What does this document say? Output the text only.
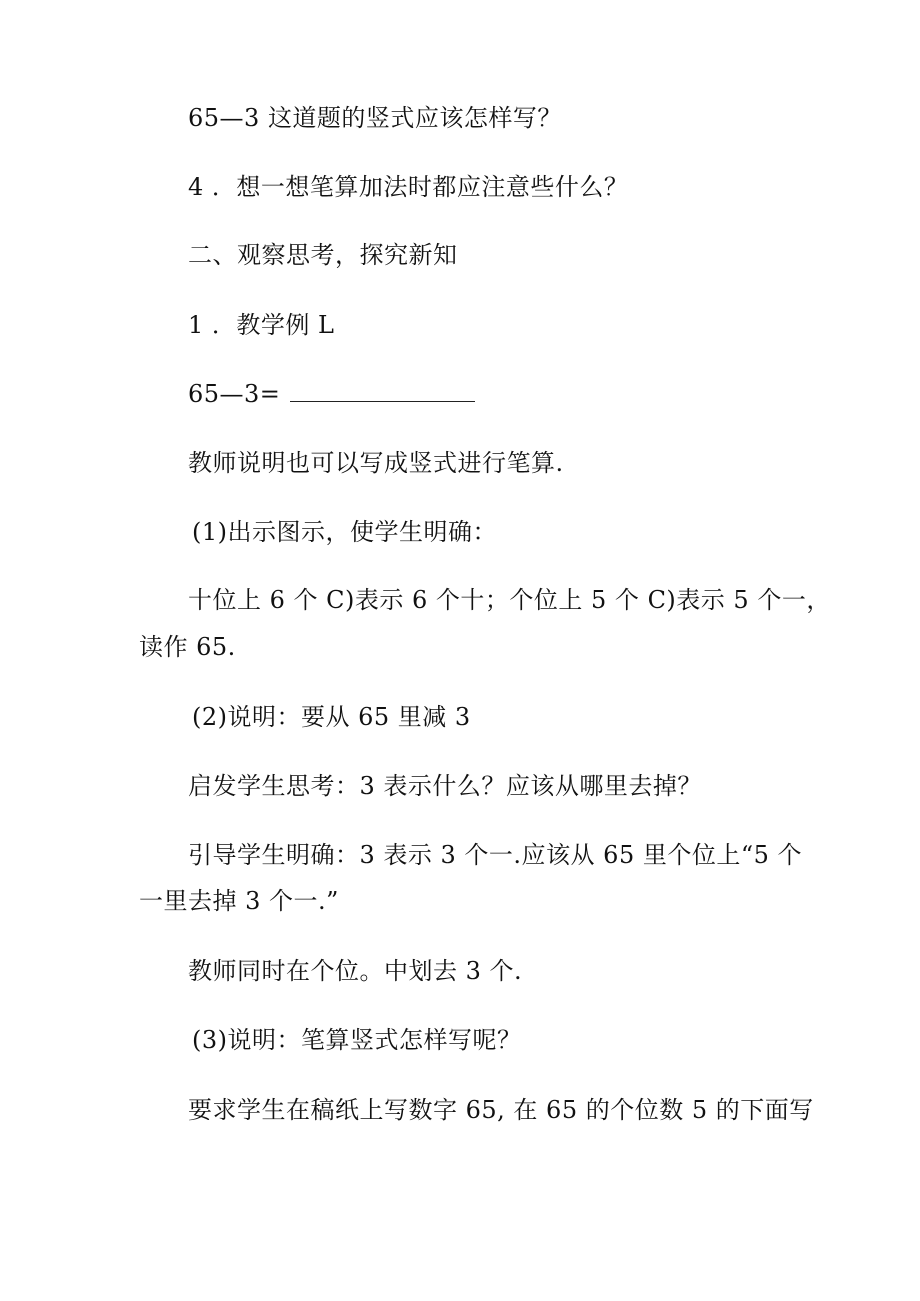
65—3 这道题的竖式应该怎样写？
4 ．想一想笔算加法时都应注意些什么？
二、观察思考，探究新知
1 ．教学例 L
65—3=
教师说明也可以写成竖式进行笔算.
(1)出示图示，使学生明确：
十位上 6 个 C)表示 6 个十；个位上 5 个 C)表示 5 个一，
读作 65.
(2)说明：要从 65 里减 3
启发学生思考：3 表示什么？应该从哪里去掉？
引导学生明确：3 表示 3 个一.应该从 65 里个位上“5 个
一里去掉 3 个一.”
教师同时在个位。中划去 3 个.
(3)说明：笔算竖式怎样写呢？
要求学生在稿纸上写数字 65, 在 65 的个位数 5 的下面写
